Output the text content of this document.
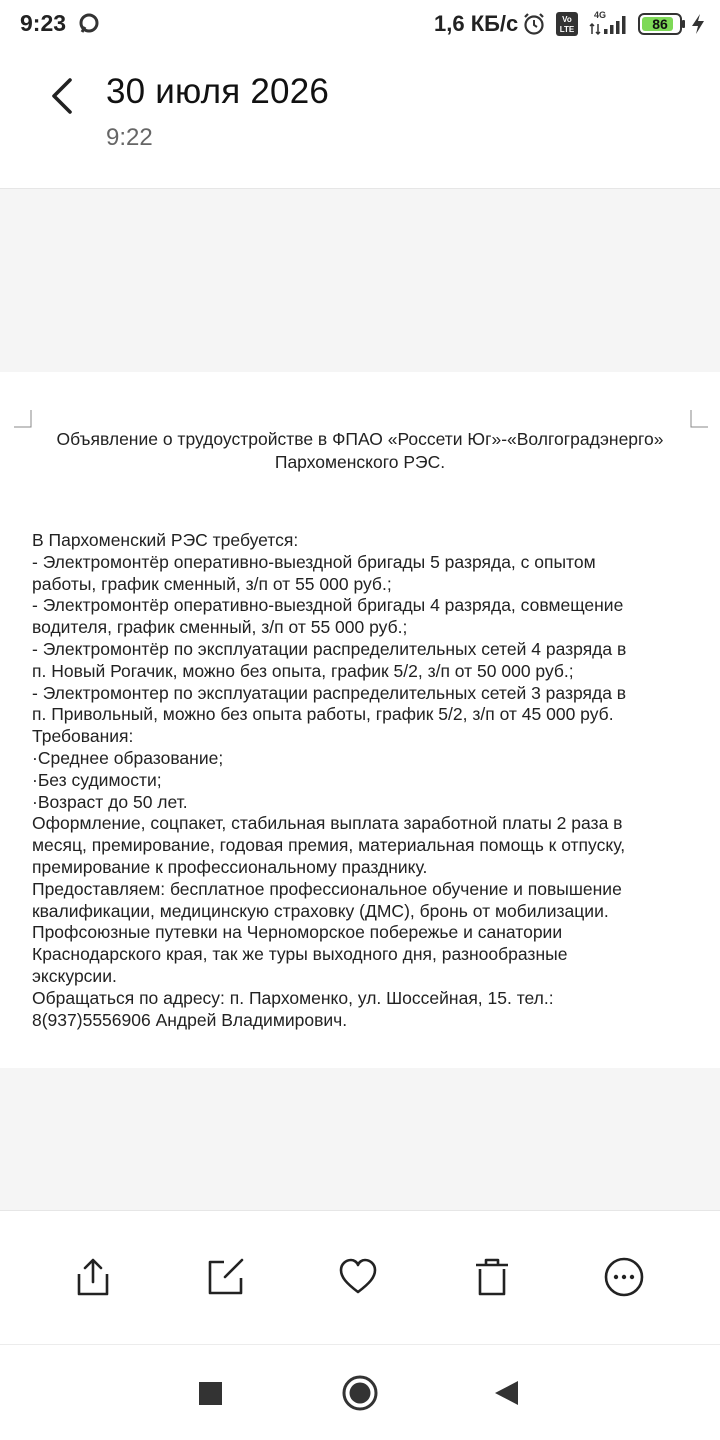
9:23	1,6 КБ/с	Vo
LTE
4G
86
30 июля 2026
9:22
Объявление о трудоустройстве в ФПАО «Россети Юг»-«Волгоградэнерго»
Пархоменского РЭС.
В Пархоменский РЭС требуется:
- Электромонтёр оперативно-выездной бригады 5 разряда, с опытом
работы, график сменный, з/п от 55 000 руб.;
- Электромонтёр оперативно-выездной бригады 4 разряда, совмещение
водителя, график сменный, з/п от 55 000 руб.;
- Электромонтёр по эксплуатации распределительных сетей 4 разряда в
п. Новый Рогачик, можно без опыта, график 5/2, з/п от 50 000 руб.;
- Электромонтер по эксплуатации распределительных сетей 3 разряда в
п. Привольный, можно без опыта работы, график 5/2, з/п от 45 000 руб.
Требования:
·Среднее образование;
·Без судимости;
·Возраст до 50 лет.
Оформление, соцпакет, стабильная выплата заработной платы 2 раза в
месяц, премирование, годовая премия, материальная помощь к отпуску,
премирование к профессиональному празднику.
Предоставляем: бесплатное профессиональное обучение и повышение
квалификации, медицинскую страховку (ДМС), бронь от мобилизации.
Профсоюзные путевки на Черноморское побережье и санатории
Краснодарского края, так же туры выходного дня, разнообразные
экскурсии.
Обращаться по адресу: п. Пархоменко, ул. Шоссейная, 15. тел.:
8(937)5556906 Андрей Владимирович.
